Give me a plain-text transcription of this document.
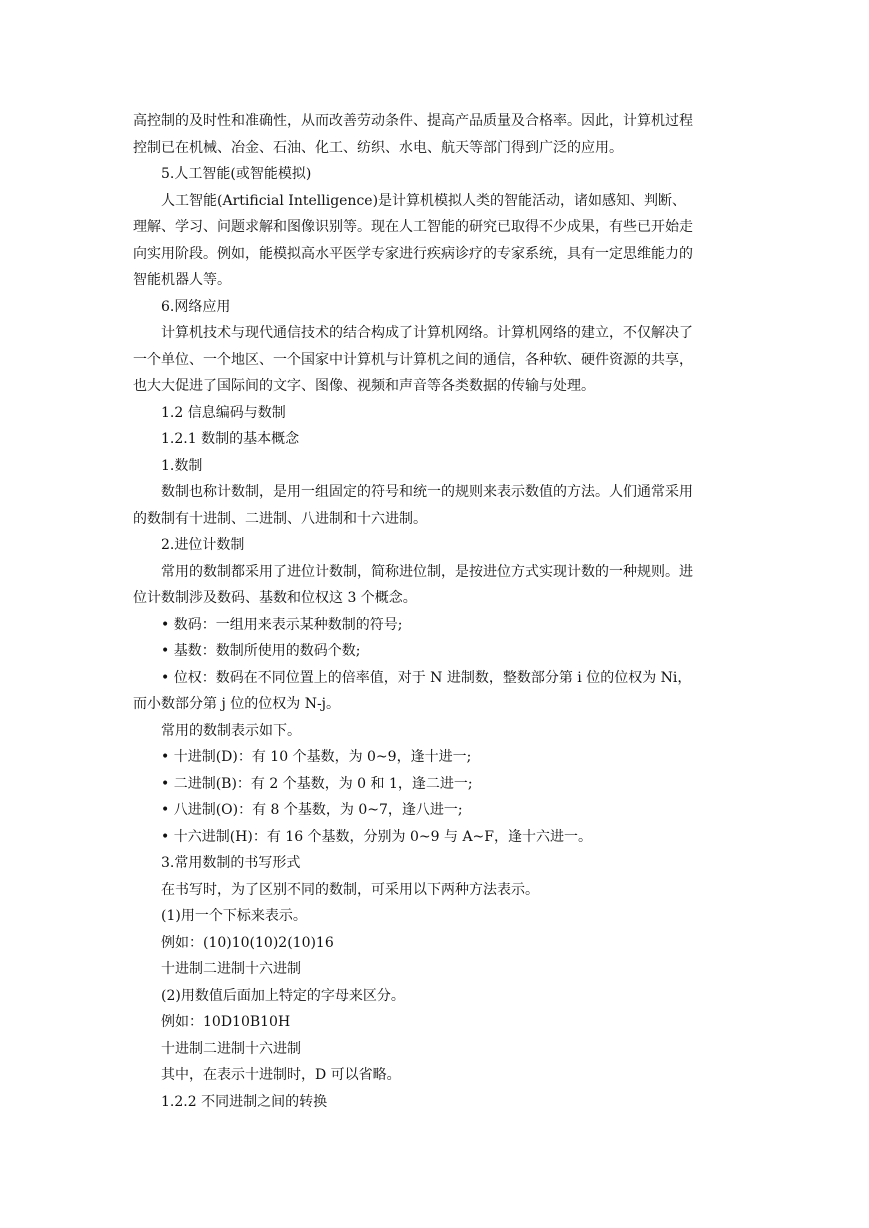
高控制的及时性和准确性，从而改善劳动条件、提高产品质量及合格率。因此，计算机过程
控制已在机械、冶金、石油、化工、纺织、水电、航天等部门得到广泛的应用。
5.人工智能(或智能模拟)
人工智能(Artificial Intelligence)是计算机模拟人类的智能活动，诸如感知、判断、
理解、学习、问题求解和图像识别等。现在人工智能的研究已取得不少成果，有些已开始走
向实用阶段。例如，能模拟高水平医学专家进行疾病诊疗的专家系统，具有一定思维能力的
智能机器人等。
6.网络应用
计算机技术与现代通信技术的结合构成了计算机网络。计算机网络的建立，不仅解决了
一个单位、一个地区、一个国家中计算机与计算机之间的通信，各种软、硬件资源的共享，
也大大促进了国际间的文字、图像、视频和声音等各类数据的传输与处理。
1.2 信息编码与数制
1.2.1 数制的基本概念
1.数制
数制也称计数制，是用一组固定的符号和统一的规则来表示数值的方法。人们通常采用
的数制有十进制、二进制、八进制和十六进制。
2.进位计数制
常用的数制都采用了进位计数制，简称进位制，是按进位方式实现计数的一种规则。进
位计数制涉及数码、基数和位权这 3 个概念。
• 数码：一组用来表示某种数制的符号;
• 基数：数制所使用的数码个数;
• 位权：数码在不同位置上的倍率值，对于 N 进制数，整数部分第 i 位的位权为 Ni，
而小数部分第 j 位的位权为 N-j。
常用的数制表示如下。
• 十进制(D)：有 10 个基数，为 0~9，逢十进一;
• 二进制(B)：有 2 个基数，为 0 和 1，逢二进一;
• 八进制(O)：有 8 个基数，为 0~7，逢八进一;
• 十六进制(H)：有 16 个基数，分别为 0~9 与 A~F，逢十六进一。
3.常用数制的书写形式
在书写时，为了区别不同的数制，可采用以下两种方法表示。
(1)用一个下标来表示。
例如：(10)10(10)2(10)16
十进制二进制十六进制
(2)用数值后面加上特定的字母来区分。
例如：10D10B10H
十进制二进制十六进制
其中，在表示十进制时，D 可以省略。
1.2.2 不同进制之间的转换
